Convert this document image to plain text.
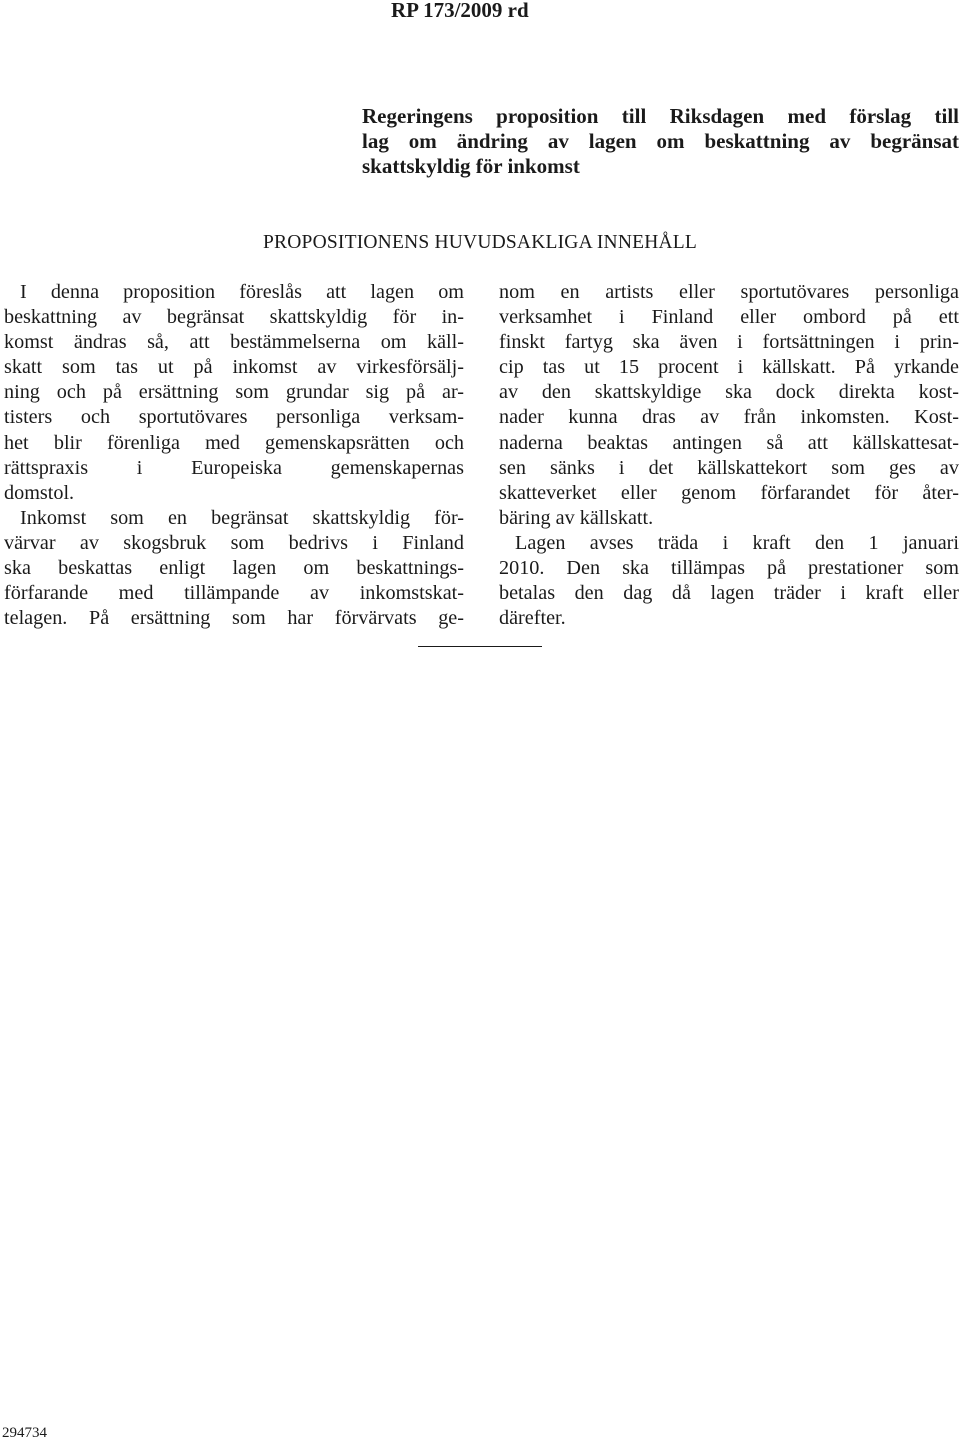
RP 173/2009 rd
Regeringens proposition till Riksdagen med förslag till
lag om ändring av lagen om beskattning av begränsat
skattskyldig för inkomst
PROPOSITIONENS HUVUDSAKLIGA INNEHÅLL
I denna proposition föreslås att lagen om
beskattning av begränsat skattskyldig för in-
komst ändras så, att bestämmelserna om käll-
skatt som tas ut på inkomst av virkesförsälj-
ning och på ersättning som grundar sig på ar-
tisters och sportutövares personliga verksam-
het blir förenliga med gemenskapsrätten och
rättspraxis i Europeiska gemenskapernas
domstol.
Inkomst som en begränsat skattskyldig för-
värvar av skogsbruk som bedrivs i Finland
ska beskattas enligt lagen om beskattnings-
förfarande med tillämpande av inkomstskat-
telagen. På ersättning som har förvärvats ge-
nom en artists eller sportutövares personliga
verksamhet i Finland eller ombord på ett
finskt fartyg ska även i fortsättningen i prin-
cip tas ut 15 procent i källskatt. På yrkande
av den skattskyldige ska dock direkta kost-
nader kunna dras av från inkomsten. Kost-
naderna beaktas antingen så att källskattesat-
sen sänks i det källskattekort som ges av
skatteverket eller genom förfarandet för åter-
bäring av källskatt.
Lagen avses träda i kraft den 1 januari
2010. Den ska tillämpas på prestationer som
betalas den dag då lagen träder i kraft eller
därefter.

294734
